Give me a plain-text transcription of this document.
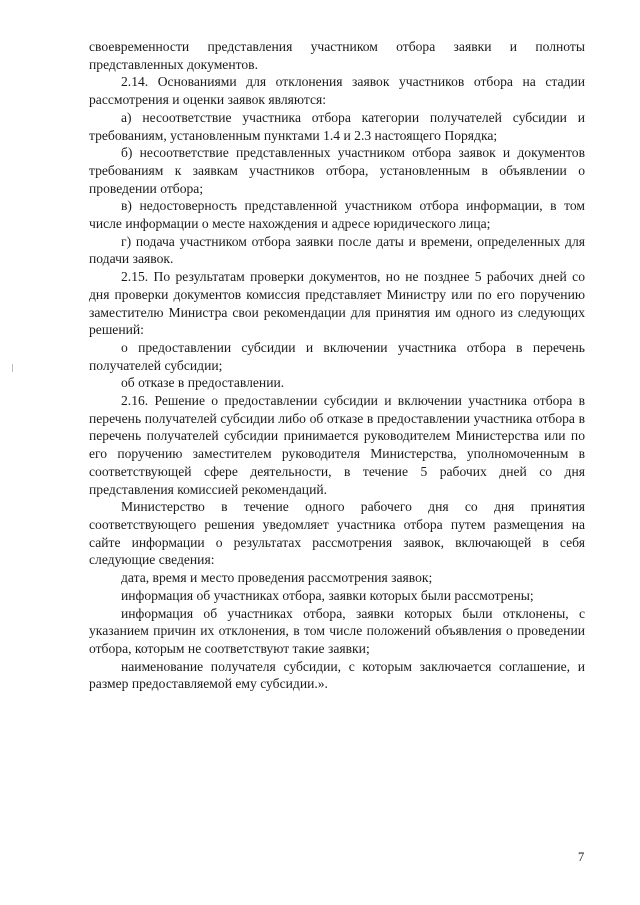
своевременности представления участником отбора заявки и полноты представленных документов.

2.14. Основаниями для отклонения заявок участников отбора на стадии рассмотрения и оценки заявок являются:

а) несоответствие участника отбора категории получателей субсидии и требованиям, установленным пунктами 1.4 и 2.3 настоящего Порядка;

б) несоответствие представленных участником отбора заявок и документов требованиям к заявкам участников отбора, установленным в объявлении о проведении отбора;

в) недостоверность представленной участником отбора информации, в том числе информации о месте нахождения и адресе юридического лица;

г) подача участником отбора заявки после даты и времени, определенных для подачи заявок.

2.15. По результатам проверки документов, но не позднее 5 рабочих дней со дня проверки документов комиссия представляет Министру или по его поручению заместителю Министра свои рекомендации для принятия им одного из следующих решений:

о предоставлении субсидии и включении участника отбора в перечень получателей субсидии;

об отказе в предоставлении.

2.16. Решение о предоставлении субсидии и включении участника отбора в перечень получателей субсидии либо об отказе в предоставлении участника отбора в перечень получателей субсидии принимается руководителем Министерства или по его поручению заместителем руководителя Министерства, уполномоченным в соответствующей сфере деятельности, в течение 5 рабочих дней со дня представления комиссией рекомендаций.

Министерство в течение одного рабочего дня со дня принятия соответствующего решения уведомляет участника отбора путем размещения на сайте информации о результатах рассмотрения заявок, включающей в себя следующие сведения:

дата, время и место проведения рассмотрения заявок;

информация об участниках отбора, заявки которых были рассмотрены;

информация об участниках отбора, заявки которых были отклонены, с указанием причин их отклонения, в том числе положений объявления о проведении отбора, которым не соответствуют такие заявки;

наименование получателя субсидии, с которым заключается соглашение, и размер предоставляемой ему субсидии.».

7
